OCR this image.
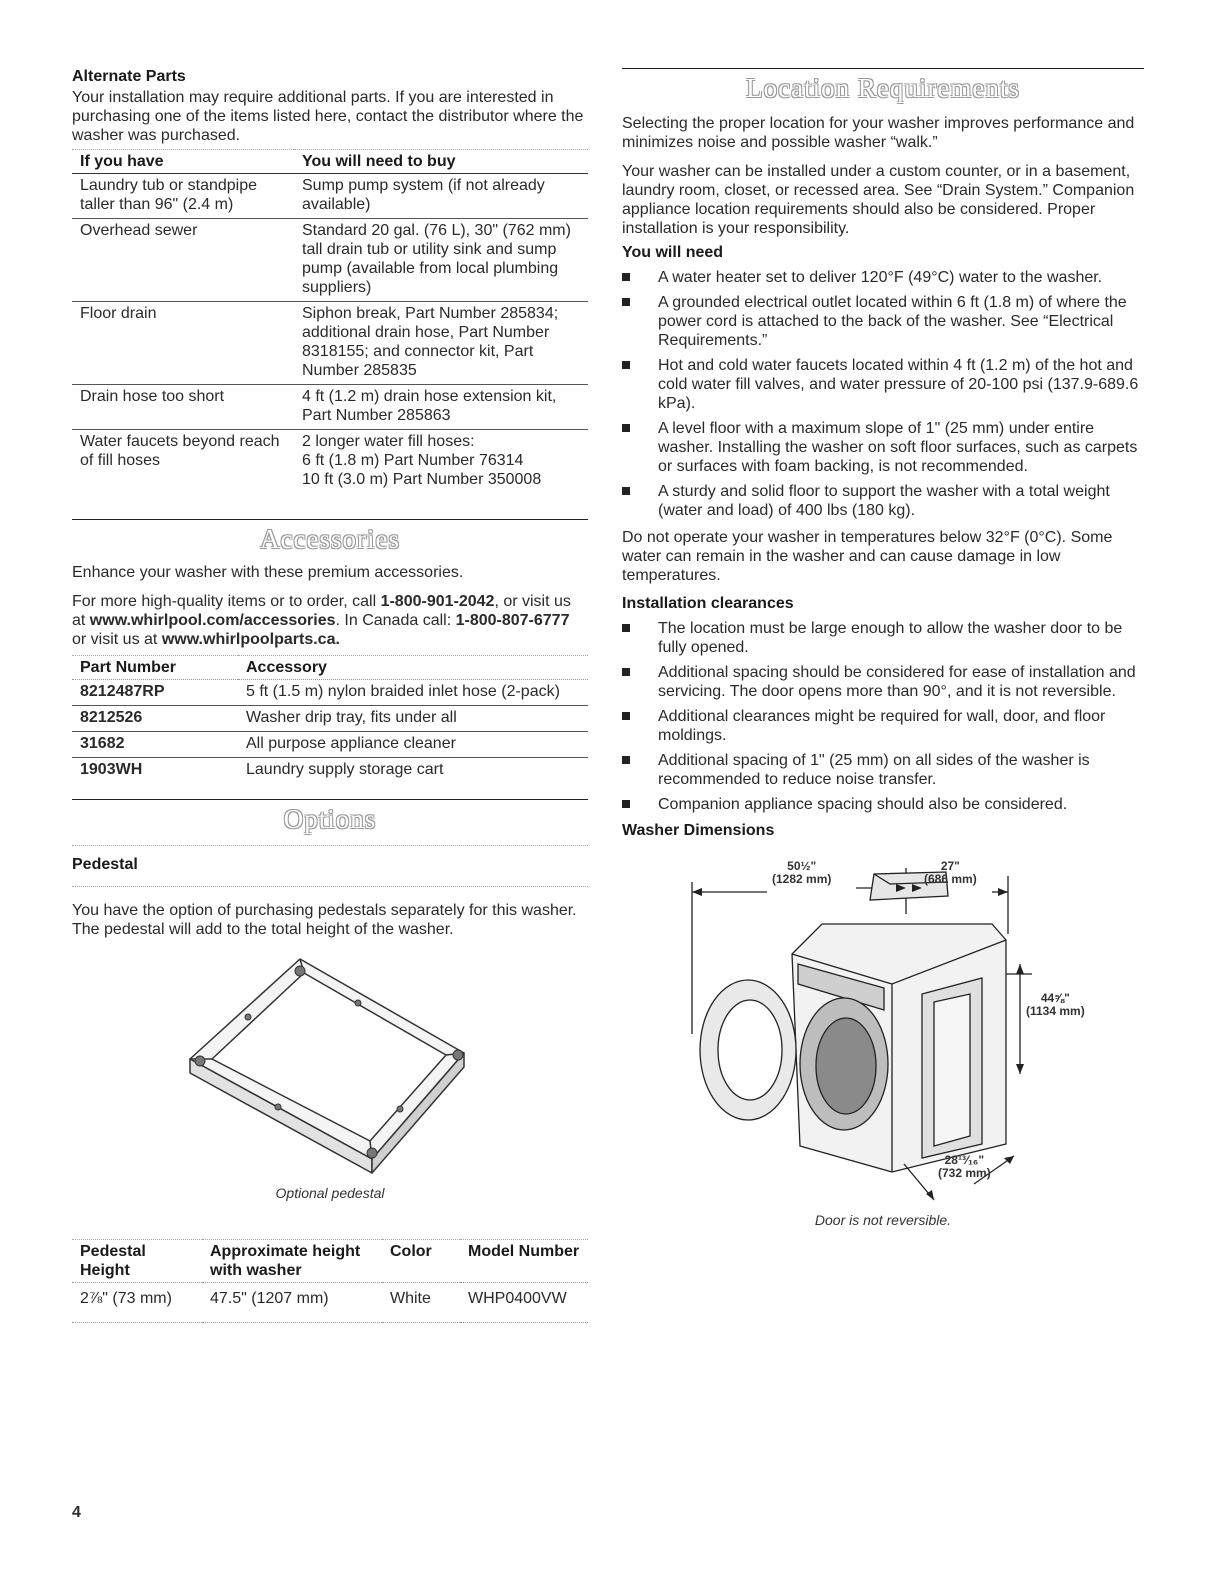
Alternate Parts

Your installation may require additional parts. If you are interested in purchasing one of the items listed here, contact the distributor where the washer was purchased.

If you have	You will need to buy
Laundry tub or standpipe taller than 96" (2.4 m)	Sump pump system (if not already available)
Overhead sewer	Standard 20 gal. (76 L), 30" (762 mm) tall drain tub or utility sink and sump pump (available from local plumbing suppliers)
Floor drain	Siphon break, Part Number 285834; additional drain hose, Part Number 8318155; and connector kit, Part Number 285835
Drain hose too short	4 ft (1.2 m) drain hose extension kit, Part Number 285863
Water faucets beyond reach of fill hoses	2 longer water fill hoses:
6 ft (1.8 m) Part Number 76314
10 ft (3.0 m) Part Number 350008
Accessories

Enhance your washer with these premium accessories.

For more high-quality items or to order, call 1-800-901-2042, or visit us at www.whirlpool.com/accessories. In Canada call: 1-800-807-6777 or visit us at www.whirlpoolparts.ca.

Part Number	Accessory
8212487RP	5 ft (1.5 m) nylon braided inlet hose (2-pack)
8212526	Washer drip tray, fits under all
31682	All purpose appliance cleaner
1903WH	Laundry supply storage cart
Options
Pedestal

You have the option of purchasing pedestals separately for this washer. The pedestal will add to the total height of the washer.

Optional pedestal
Pedestal Height	Approximate height with washer	Color	Model Number
2⅞" (73 mm)	47.5" (1207 mm)	White	WHP0400VW
Location Requirements

Selecting the proper location for your washer improves performance and minimizes noise and possible washer “walk.”

Your washer can be installed under a custom counter, or in a basement, laundry room, closet, or recessed area. See “Drain System.” Companion appliance location requirements should also be considered. Proper installation is your responsibility.

You will need
A water heater set to deliver 120°F (49°C) water to the washer.
A grounded electrical outlet located within 6 ft (1.8 m) of where the power cord is attached to the back of the washer. See “Electrical Requirements.”
Hot and cold water faucets located within 4 ft (1.2 m) of the hot and cold water fill valves, and water pressure of 20-100 psi (137.9-689.6 kPa).
A level floor with a maximum slope of 1" (25 mm) under entire washer. Installing the washer on soft floor surfaces, such as carpets or surfaces with foam backing, is not recommended.
A sturdy and solid floor to support the washer with a total weight (water and load) of 400 lbs (180 kg).

Do not operate your washer in temperatures below 32°F (0°C). Some water can remain in the washer and can cause damage in low temperatures.

Installation clearances
The location must be large enough to allow the washer door to be fully opened.
Additional spacing should be considered for ease of installation and servicing. The door opens more than 90°, and it is not reversible.
Additional clearances might be required for wall, door, and floor moldings.
Additional spacing of 1" (25 mm) on all sides of the washer is recommended to reduce noise transfer.
Companion appliance spacing should also be considered.
Washer Dimensions
50½"
(1282 mm)
27"
(686 mm)
44⅝"
(1134 mm)
28¹³⁄₁₆"
(732 mm)
Door is not reversible.
4
